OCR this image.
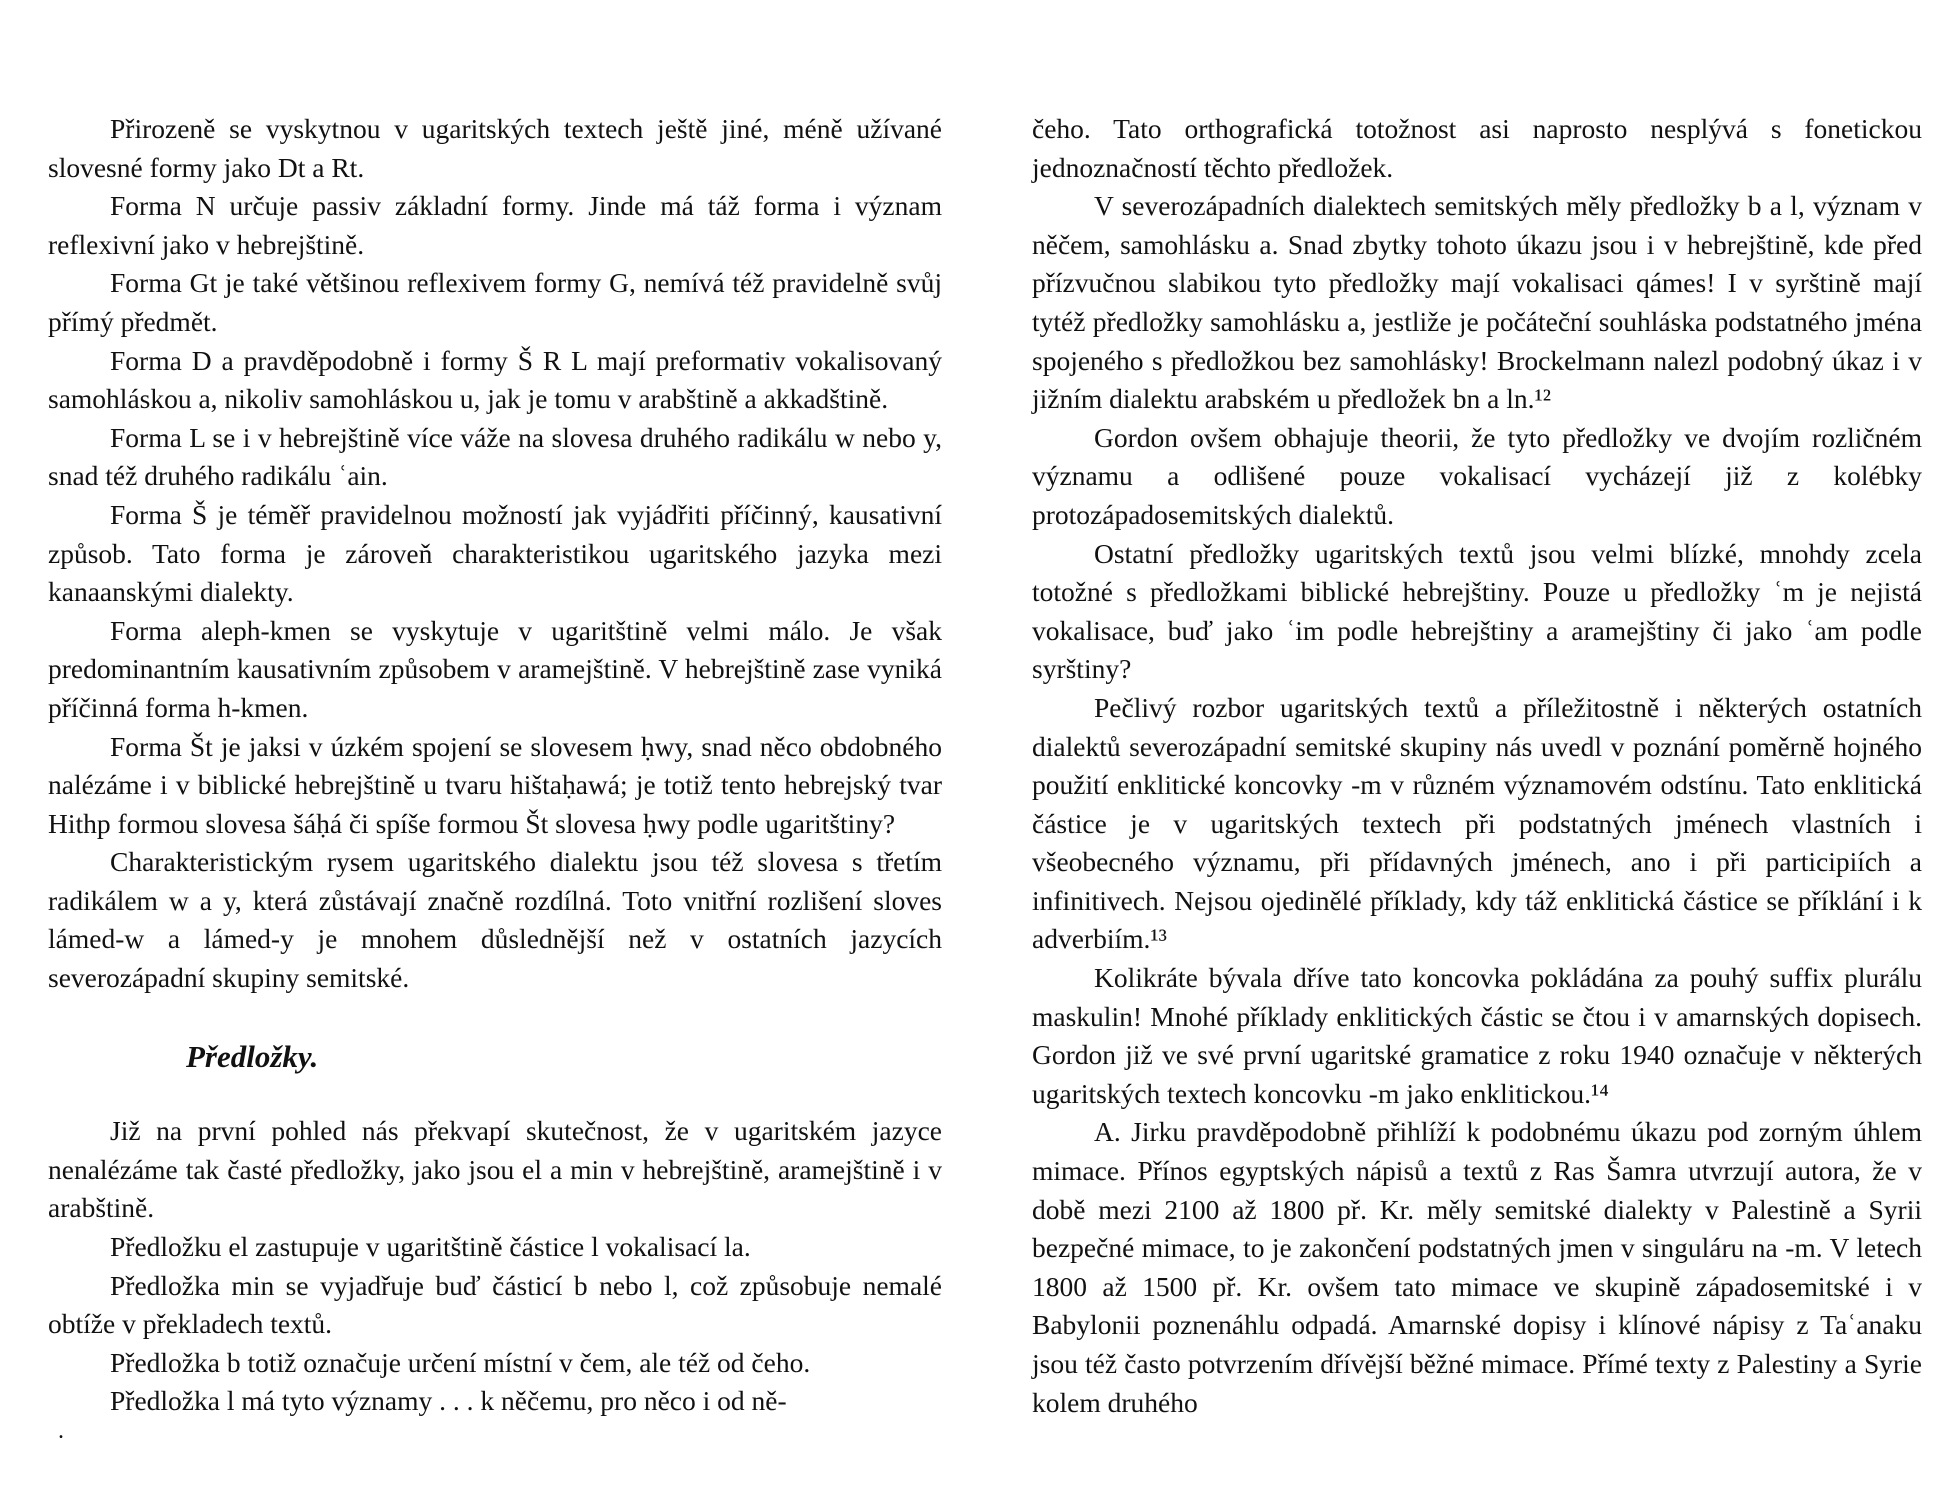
Přirozeně se vyskytnou v ugaritských textech ještě jiné, méně užívané slovesné formy jako Dt a Rt.

Forma N určuje passiv základní formy. Jinde má táž forma i význam reflexivní jako v hebrejštině.

Forma Gt je také většinou reflexivem formy G, nemívá též pravidelně svůj přímý předmět.

Forma D a pravděpodobně i formy Š R L mají preformativ vokalisovaný samohláskou a, nikoliv samohláskou u, jak je tomu v arabštině a akkadštině.

Forma L se i v hebrejštině více váže na slovesa druhého radikálu w nebo y, snad též druhého radikálu ʿain.

Forma Š je téměř pravidelnou možností jak vyjádřiti příčinný, kausativní způsob. Tato forma je zároveň charakteristikou ugaritského jazyka mezi kanaanskými dialekty.

Forma aleph-kmen se vyskytuje v ugaritštině velmi málo. Je však predominantním kausativním způsobem v aramejštině. V hebrejštině zase vyniká příčinná forma h-kmen.

Forma Št je jaksi v úzkém spojení se slovesem ḥwy, snad něco obdobného nalézáme i v biblické hebrejštině u tvaru hištaḥawá; je totiž tento hebrejský tvar Hithp formou slovesa šáḥá či spíše formou Št slovesa ḥwy podle ugaritštiny?

Charakteristickým rysem ugaritského dialektu jsou též slovesa s třetím radikálem w a y, která zůstávají značně rozdílná. Toto vnitřní rozlišení sloves lámed-w a lámed-y je mnohem důslednější než v ostatních jazycích severozápadní skupiny semitské.

Předložky.

Již na první pohled nás překvapí skutečnost, že v ugaritském jazyce nenalézáme tak časté předložky, jako jsou el a min v hebrejštině, aramejštině i v arabštině.

Předložku el zastupuje v ugaritštině částice l vokalisací la.

Předložka min se vyjadřuje buď částicí b nebo l, což způsobuje nemalé obtíže v překladech textů.

Předložka b totiž označuje určení místní v čem, ale též od čeho.

Předložka l má tyto významy . . . k něčemu, pro něco i od ně-

.

čeho. Tato orthografická totožnost asi naprosto nesplývá s fonetickou jednoznačností těchto předložek.

V severozápadních dialektech semitských měly předložky b a l, význam v něčem, samohlásku a. Snad zbytky tohoto úkazu jsou i v hebrejštině, kde před přízvučnou slabikou tyto předložky mají vokalisaci qámes! I v syrštině mají tytéž předložky samohlásku a, jestliže je počáteční souhláska podstatného jména spojeného s předložkou bez samohlásky! Brockelmann nalezl podobný úkaz i v jižním dialektu arabském u předložek bn a ln.¹²

Gordon ovšem obhajuje theorii, že tyto předložky ve dvojím rozličném významu a odlišené pouze vokalisací vycházejí již z kolébky protozápadosemitských dialektů.

Ostatní předložky ugaritských textů jsou velmi blízké, mnohdy zcela totožné s předložkami biblické hebrejštiny. Pouze u předložky ʿm je nejistá vokalisace, buď jako ʿim podle hebrejštiny a aramejštiny či jako ʿam podle syrštiny?

Pečlivý rozbor ugaritských textů a příležitostně i některých ostatních dialektů severozápadní semitské skupiny nás uvedl v poznání poměrně hojného použití enklitické koncovky -m v různém významovém odstínu. Tato enklitická částice je v ugaritských textech při podstatných jménech vlastních i všeobecného významu, při přídavných jménech, ano i při participiích a infinitivech. Nejsou ojedinělé příklady, kdy táž enklitická částice se příklání i k adverbiím.¹³

Kolikráte bývala dříve tato koncovka pokládána za pouhý suffix plurálu maskulin! Mnohé příklady enklitických částic se čtou i v amarnských dopisech. Gordon již ve své první ugaritské gramatice z roku 1940 označuje v některých ugaritských textech koncovku -m jako enklitickou.¹⁴

A. Jirku pravděpodobně přihlíží k podobnému úkazu pod zorným úhlem mimace. Přínos egyptských nápisů a textů z Ras Šamra utvrzují autora, že v době mezi 2100 až 1800 př. Kr. měly semitské dialekty v Palestině a Syrii bezpečné mimace, to je zakončení podstatných jmen v singuláru na -m. V letech 1800 až 1500 př. Kr. ovšem tato mimace ve skupině západosemitské i v Babylonii poznenáhlu odpadá. Amarnské dopisy i klínové nápisy z Taʿanaku jsou též často potvrzením dřívější běžné mimace. Přímé texty z Palestiny a Syrie kolem druhého
